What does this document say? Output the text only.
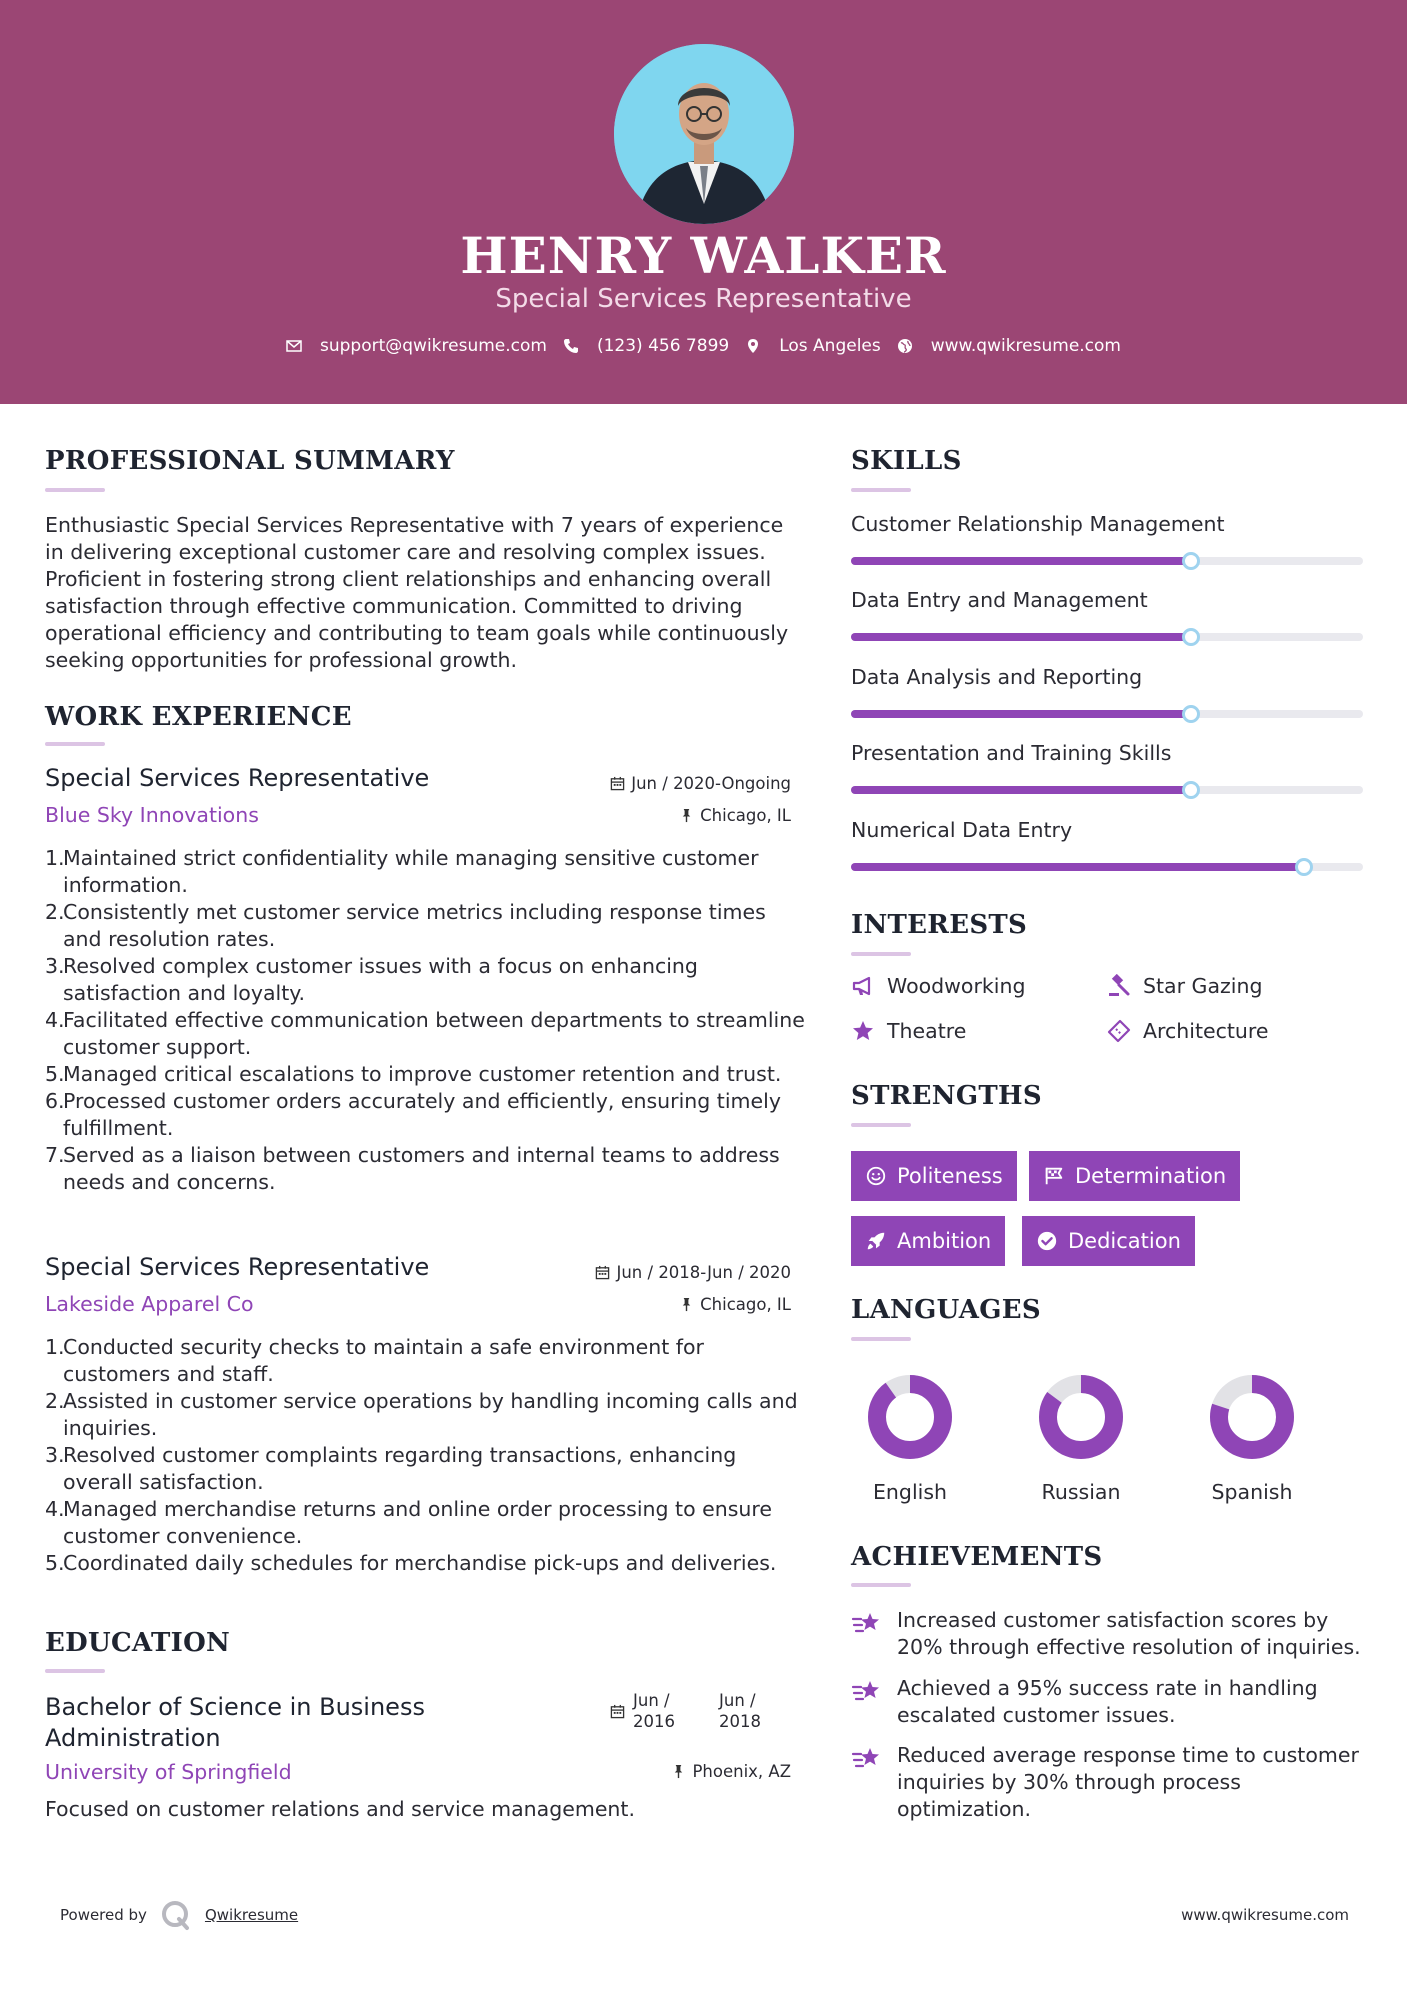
HENRY WALKER
Special Services Representative
support@qwikresume.com	(123) 456 7899	Los Angeles	www.qwikresume.com
PROFESSIONAL SUMMARY
Enthusiastic Special Services Representative with 7 years of experience in delivering exceptional customer care and resolving complex issues. Proficient in fostering strong client relationships and enhancing overall satisfaction through effective communication. Committed to driving operational efficiency and contributing to team goals while continuously seeking opportunities for professional growth.
WORK EXPERIENCE
Special Services Representative	Jun / 2020-Ongoing
Blue Sky Innovations	Chicago, IL
1.
Maintained strict confidentiality while managing sensitive customer information.
2.
Consistently met customer service metrics including response times and resolution rates.
3.
Resolved complex customer issues with a focus on enhancing satisfaction and loyalty.
4.
Facilitated effective communication between departments to streamline customer support.
5.
Managed critical escalations to improve customer retention and trust.
6.
Processed customer orders accurately and efficiently, ensuring timely fulfillment.
7.
Served as a liaison between customers and internal teams to address needs and concerns.
Special Services Representative	Jun / 2018-Jun / 2020
Lakeside Apparel Co	Chicago, IL
1.
Conducted security checks to maintain a safe environment for customers and staff.
2.
Assisted in customer service operations by handling incoming calls and inquiries.
3.
Resolved customer complaints regarding transactions, enhancing overall satisfaction.
4.
Managed merchandise returns and online order processing to ensure customer convenience.
5.
Coordinated daily schedules for merchandise pick-ups and deliveries.
EDUCATION
Bachelor of Science in Business Administration
Jun / 2016
Jun / 2018
University of Springfield	Phoenix, AZ
Focused on customer relations and service management.
SKILLS
Customer Relationship Management
Data Entry and Management
Data Analysis and Reporting
Presentation and Training Skills
Numerical Data Entry
INTERESTS
Woodworking	Star Gazing
Theatre	Architecture
STRENGTHS
Politeness	Determination
Ambition	Dedication
LANGUAGES
English	Russian	Spanish
ACHIEVEMENTS
Increased customer satisfaction scores by 20% through effective resolution of inquiries.
Achieved a 95% success rate in handling escalated customer issues.
Reduced average response time to customer inquiries by 30% through process optimization.
Powered by	Qwikresume	www.qwikresume.com
